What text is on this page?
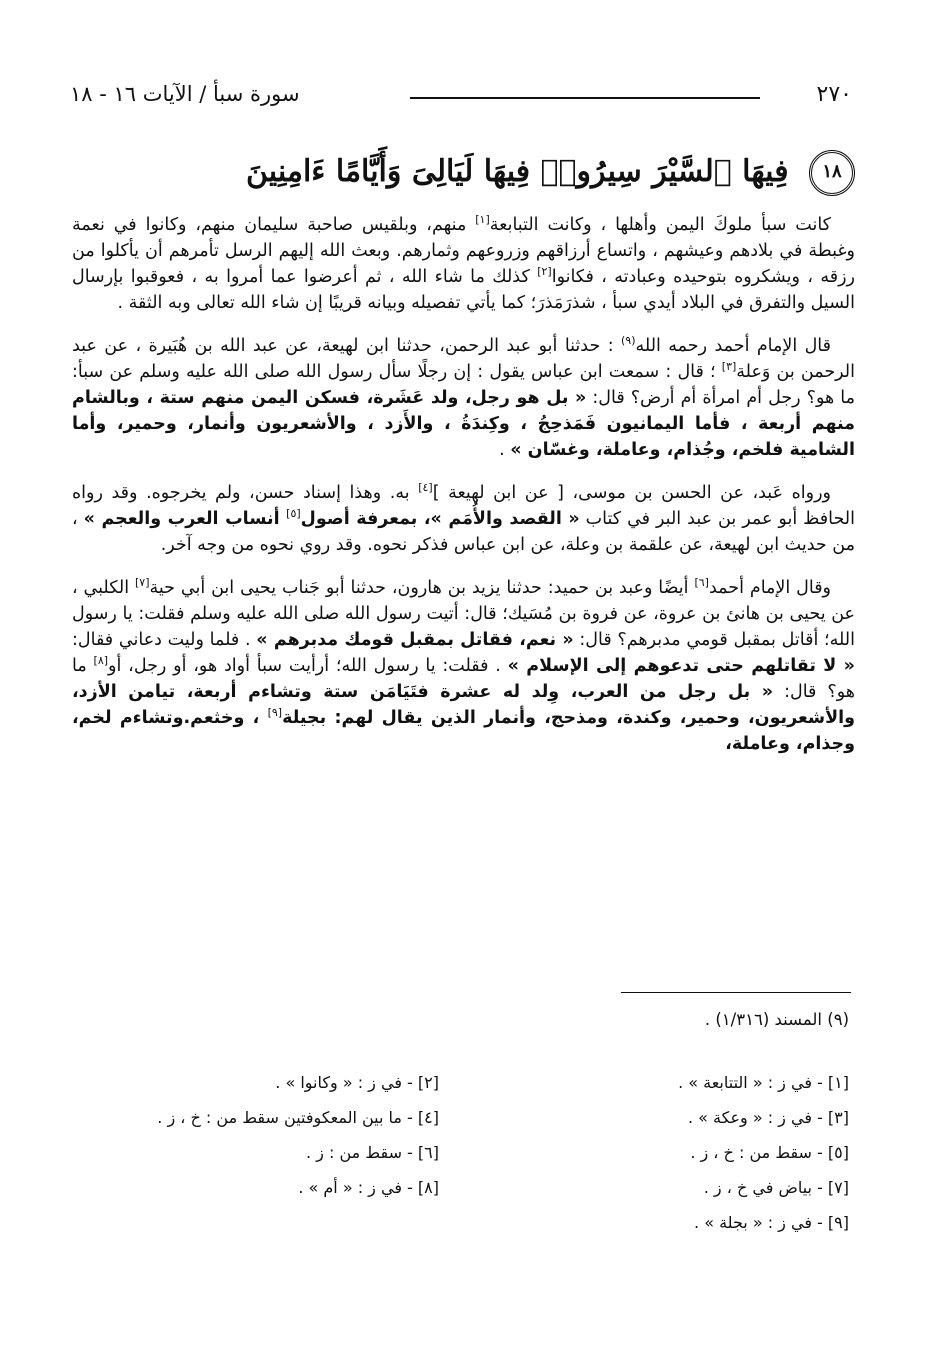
٢٧٠
سورة سبأ / الآيات ١٦ - ١٨
١٨ فِيهَا ٱلسَّيْرَ سِيرُوا۟ فِيهَا لَيَالِىَ وَأَيَّامًا ءَامِنِينَ

كانت سبأ ملوكَ اليمن وأهلها ، وكانت التبابعة[١] منهم، وبلقيس صاحبة سليمان منهم، وكانوا في نعمة وغبطة في بلادهم وعيشهم ، واتساع أرزاقهم وزروعهم وثمارهم. وبعث الله إليهم الرسل تأمرهم أن يأكلوا من رزقه ، ويشكروه بتوحيده وعبادته ، فكانوا[٢] كذلك ما شاء الله ، ثم أعرضوا عما أمروا به ، فعوقبوا بإرسال السيل والتفرق في البلاد أيدي سبأ ، شذرَمَذرَ؛ كما يأتي تفصيله وبيانه قريبًا إن شاء الله تعالى وبه الثقة .

قال الإمام أحمد رحمه الله$^{(٩)}$ : حدثنا أبو عبد الرحمن، حدثنا ابن لهيعة، عن عبد الله بن هُبَيرة ، عن عبد الرحمن بن وَعلة[٣] ؛ قال : سمعت ابن عباس يقول : إن رجلًا سأل رسول الله صلى الله عليه وسلم عن سبأ: ما هو؟ رجل أم امرأة أم أرض؟ قال: « بل هو رجل، ولد عَشَرة، فسكن اليمن منهم ستة ، وبالشام منهم أربعة ، فأما اليمانيون فَمَذحِجُ ، وكِندَةُ ، والأَزد ، والأشعريون وأنمار، وحمير، وأما الشامية فلخم، وجُذام، وعاملة، وغسّان » .

ورواه عَبد، عن الحسن بن موسى، [ عن ابن لهيعة ][٤] به. وهذا إسناد حسن، ولم يخرجوه. وقد رواه الحافظ أبو عمر بن عبد البر في كتاب « القصد والأُمَم »، بمعرفة أصول[٥] أنساب العرب والعجم » ، من حديث ابن لهيعة، عن علقمة بن وعلة، عن ابن عباس فذكر نحوه. وقد روي نحوه من وجه آخر.

وقال الإمام أحمد[٦] أيضًا وعبد بن حميد: حدثنا يزيد بن هارون، حدثنا أبو جَناب يحيى ابن أبي حية[٧] الكلبي ، عن يحيى بن هانئ بن عروة، عن فروة بن مُسَيك؛ قال: أتيت رسول الله صلى الله عليه وسلم فقلت: يا رسول الله؛ أقاتل بمقبل قومي مدبرهم؟ قال: « نعم، فقاتل بمقبل قومك مدبرهم » . فلما وليت دعاني فقال: « لا تقاتلهم حتى تدعوهم إلى الإسلام » . فقلت: يا رسول الله؛ أرأيت سبأ أواد هو، أو رجل، أو[٨] ما هو؟ قال: « بل رجل من العرب، وِلد له عشرة فتَيَامَن ستة وتشاءم أربعة، تيامن الأزد، والأشعريون، وحمير، وكندة، ومذحج، وأنمار الذين يقال لهم: بجيلة[٩] ، وخثعم.وتشاءم لخم، وجذام، وعاملة،

(٩) المسند (١/٣١٦) .
[١] - في ز : « التتابعة » .
[٣] - في ز : « وعكة » .
[٥] - سقط من : خ ، ز .
[٧] - بياض في خ ، ز .
[٩] - في ز : « بجلة » .
[٢] - في ز : « وكانوا » .
[٤] - ما بين المعكوفتين سقط من : خ ، ز .
[٦] - سقط من : ز .
[٨] - في ز : « أم » .
